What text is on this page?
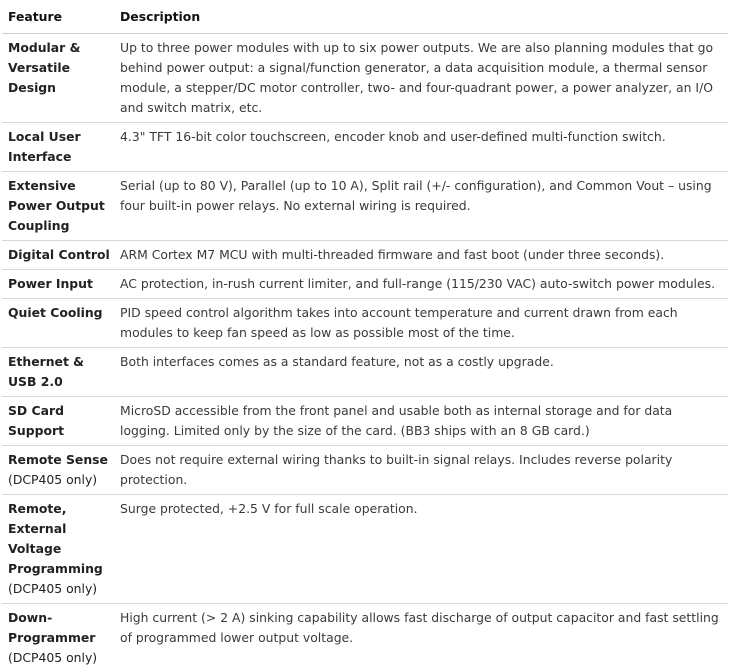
Feature	Description

Modular & Versatile Design	Up to three power modules with up to six power outputs. We are also planning modules that go behind power output: a signal/function generator, a data acquisition module, a thermal sensor module, a stepper/DC motor controller, two- and four-quadrant power, a power analyzer, an I/O and switch matrix, etc.

Local User Interface	4.3" TFT 16-bit color touchscreen, encoder knob and user-defined multi-function switch.

Extensive Power Output Coupling	Serial (up to 80 V), Parallel (up to 10 A), Split rail (+/- configuration), and Common Vout – using four built-in power relays. No external wiring is required.

Digital Control	ARM Cortex M7 MCU with multi-threaded firmware and fast boot (under three seconds).

Power Input	AC protection, in-rush current limiter, and full-range (115/230 VAC) auto-switch power modules.

Quiet Cooling	PID speed control algorithm takes into account temperature and current drawn from each modules to keep fan speed as low as possible most of the time.

Ethernet & USB 2.0	Both interfaces comes as a standard feature, not as a costly upgrade.

SD Card Support	MicroSD accessible from the front panel and usable both as internal storage and for data logging. Limited only by the size of the card. (BB3 ships with an 8 GB card.)

Remote Sense
(DCP405 only)	Does not require external wiring thanks to built-in signal relays. Includes reverse polarity protection.

Remote, External Voltage Programming
(DCP405 only)	Surge protected, +2.5 V for full scale operation.

Down-Programmer
(DCP405 only)	High current (> 2 A) sinking capability allows fast discharge of output capacitor and fast settling of programmed lower output voltage.
